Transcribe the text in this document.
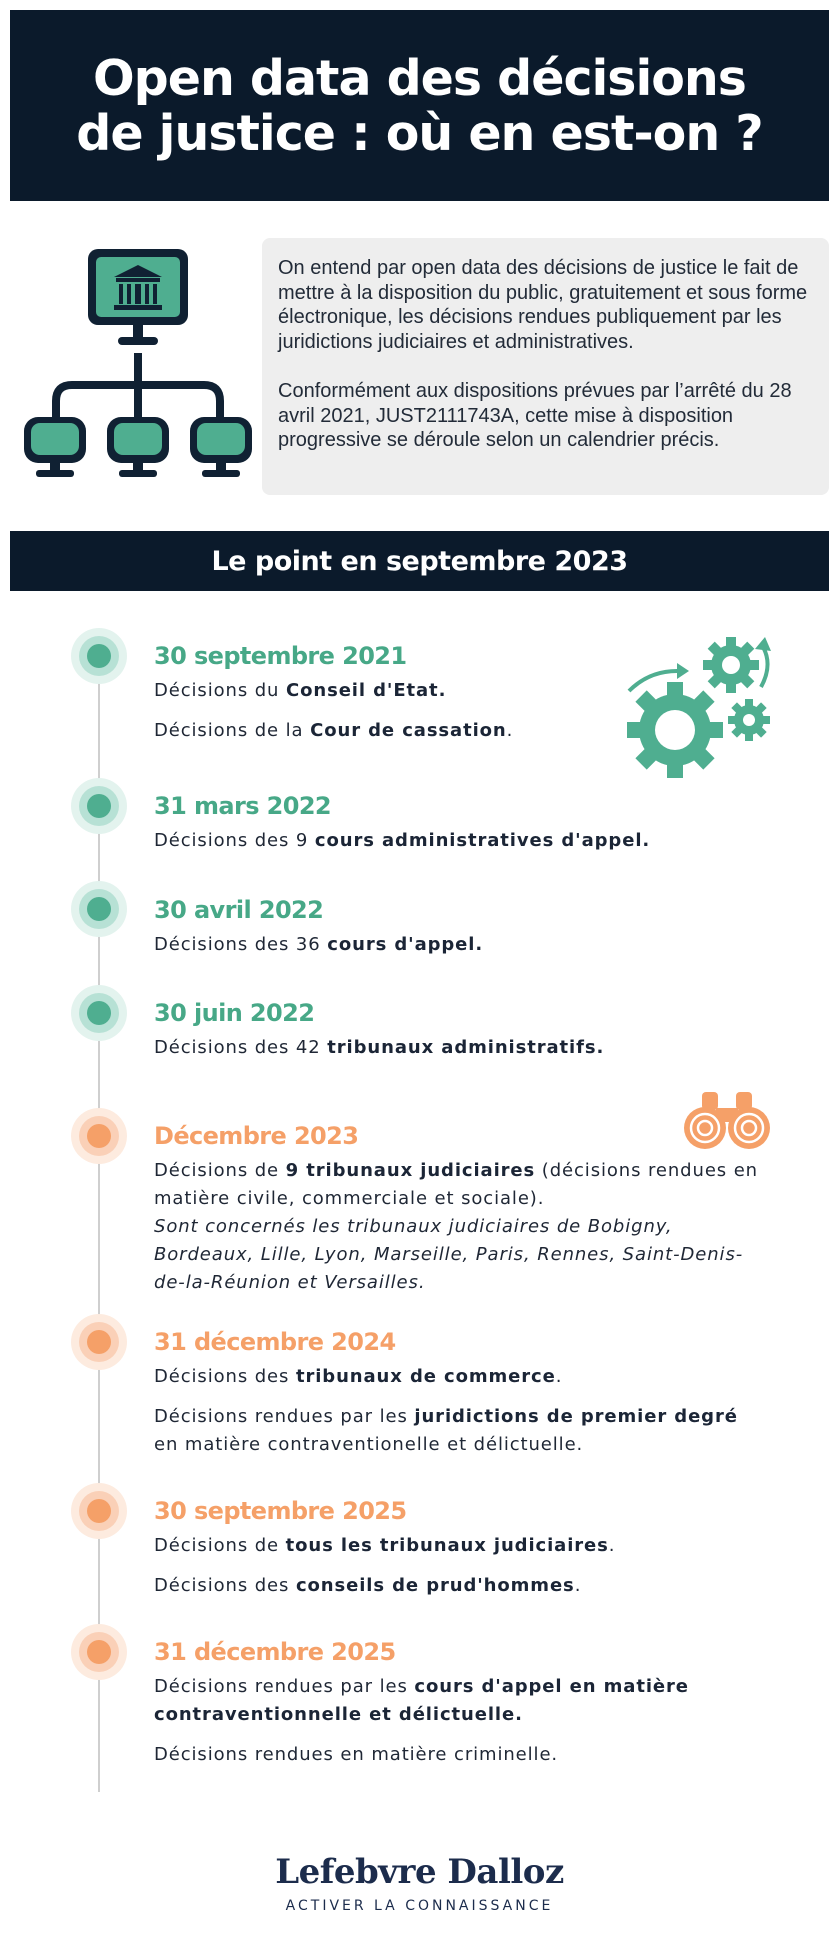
Open data des décisions
de justice : où en est-on ?

On entend par open data des décisions de justice le fait de mettre à la disposition du public, gratuitement et sous forme électronique, les décisions rendues publiquement par les juridictions judiciaires et administratives.

Conformément aux dispositions prévues par l’arrêté du 28 avril 2021, JUST2111743A, cette mise à disposition progressive se déroule selon un calendrier précis.

Le point en septembre 2023
30 septembre 2021
Décisions du Conseil d'Etat.
Décisions de la Cour de cassation.
31 mars 2022
Décisions des 9 cours administratives d'appel.
30 avril 2022
Décisions des 36 cours d'appel.
30 juin 2022
Décisions des 42 tribunaux administratifs.
Décembre 2023
Décisions de 9 tribunaux judiciaires (décisions rendues en
matière civile, commerciale et sociale).
Sont concernés les tribunaux judiciaires de Bobigny,
Bordeaux, Lille, Lyon, Marseille, Paris, Rennes, Saint-Denis-
de-la-Réunion et Versailles.
31 décembre 2024
Décisions des tribunaux de commerce.
Décisions rendues par les juridictions de premier degré
en matière contraventionelle et délictuelle.
30 septembre 2025
Décisions de tous les tribunaux judiciaires.
Décisions des conseils de prud'hommes.
31 décembre 2025
Décisions rendues par les cours d'appel en matière
contraventionnelle et délictuelle.
Décisions rendues en matière criminelle.
Lefebvre Dalloz
ACTIVER LA CONNAISSANCE
